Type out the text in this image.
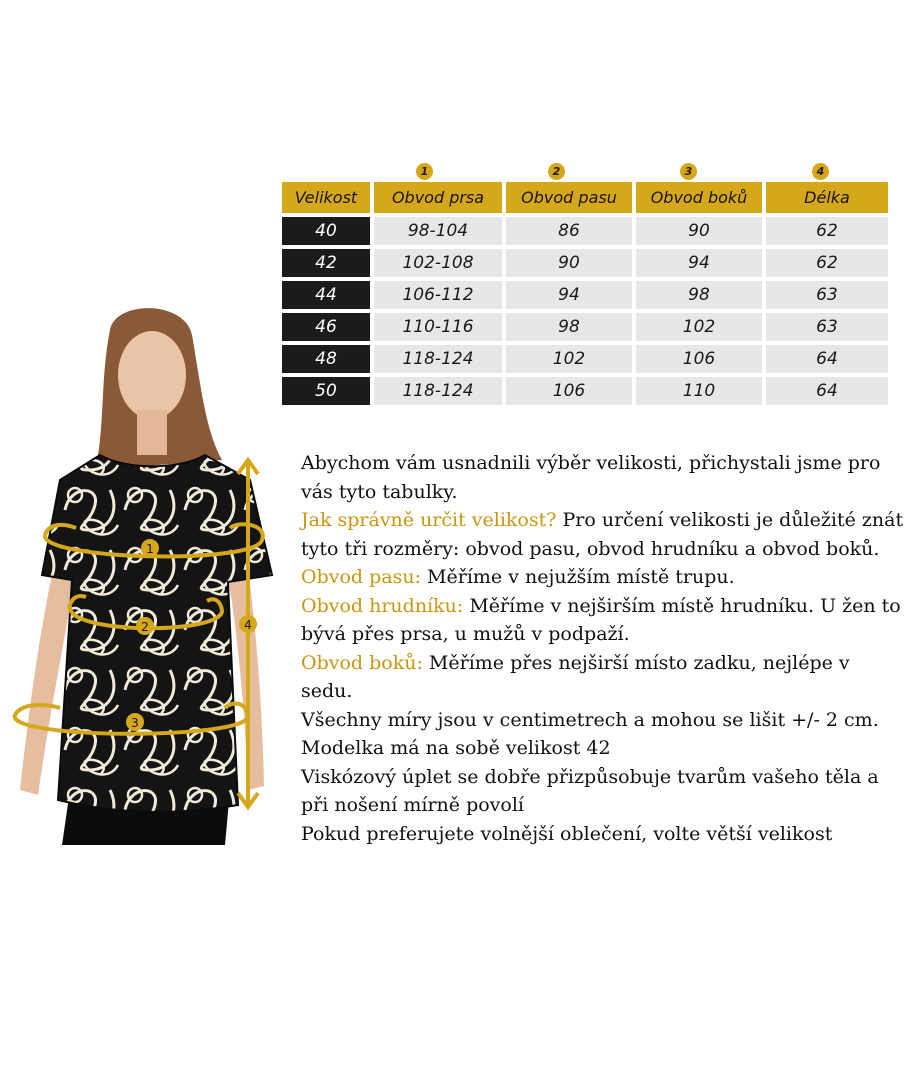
1	2	3	4
Velikost	Obvod prsa	Obvod pasu	Obvod boků	Délka
40	98-104	86	90	62
42	102-108	90	94	62
44	106-112	94	98	63
46	110-116	98	102	63
48	118-124	102	106	64
50	118-124	106	110	64
1
2
3
4

Abychom vám usnadnili výběr velikosti, přichystali jsme pro vás tyto tabulky.

Jak správně určit velikost? Pro určení velikosti je důležité znát tyto tři rozměry: obvod pasu, obvod hrudníku a obvod boků.

Obvod pasu: Měříme v nejužším místě trupu.

Obvod hrudníku: Měříme v nejširším místě hrudníku. U žen to bývá přes prsa, u mužů v podpaží.

Obvod boků: Měříme přes nejširší místo zadku, nejlépe v sedu.

Všechny míry jsou v centimetrech a mohou se lišit +/- 2 cm.

Modelka má na sobě velikost 42

Viskózový úplet se dobře přizpůsobuje tvarům vašeho těla a při nošení mírně povolí

Pokud preferujete volnější oblečení, volte větší velikost
